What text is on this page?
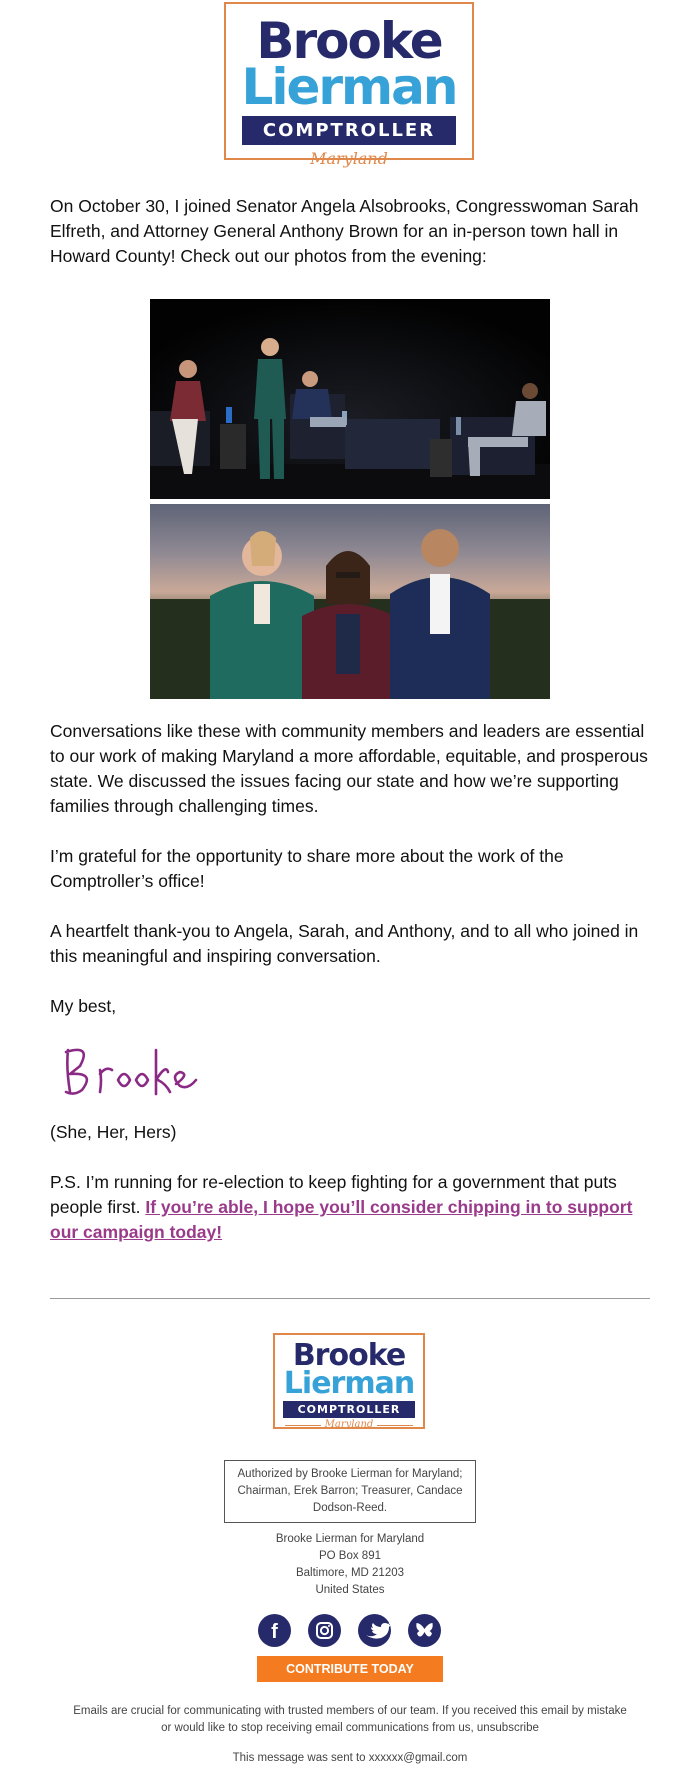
Brooke
Lierman
COMPTROLLER
Maryland

On October 30, I joined Senator Angela Alsobrooks, Congresswoman Sarah Elfreth, and Attorney General Anthony Brown for an in-person town hall in Howard County! Check out our photos from the evening:

Conversations like these with community members and leaders are essential to our work of making Maryland a more affordable, equitable, and prosperous state. We discussed the issues facing our state and how we’re supporting families through challenging times.

I’m grateful for the opportunity to share more about the work of the Comptroller’s office!

A heartfelt thank-you to Angela, Sarah, and Anthony, and to all who joined in this meaningful and inspiring conversation.

My best,

(She, Her, Hers)

P.S. I’m running for re-election to keep fighting for a government that puts people first. If you’re able, I hope you’ll consider chipping in to support our campaign today!

Brooke
Lierman
COMPTROLLER
Maryland
Authorized by Brooke Lierman for Maryland; Chairman, Erek Barron; Treasurer, Candace Dodson-Reed.
Brooke Lierman for Maryland
PO Box 891
Baltimore, MD 21203
United States
f
CONTRIBUTE TODAY

Emails are crucial for communicating with trusted members of our team. If you received this email by mistake or would like to stop receiving email communications from us, unsubscribe

This message was sent to xxxxxx@gmail.com
